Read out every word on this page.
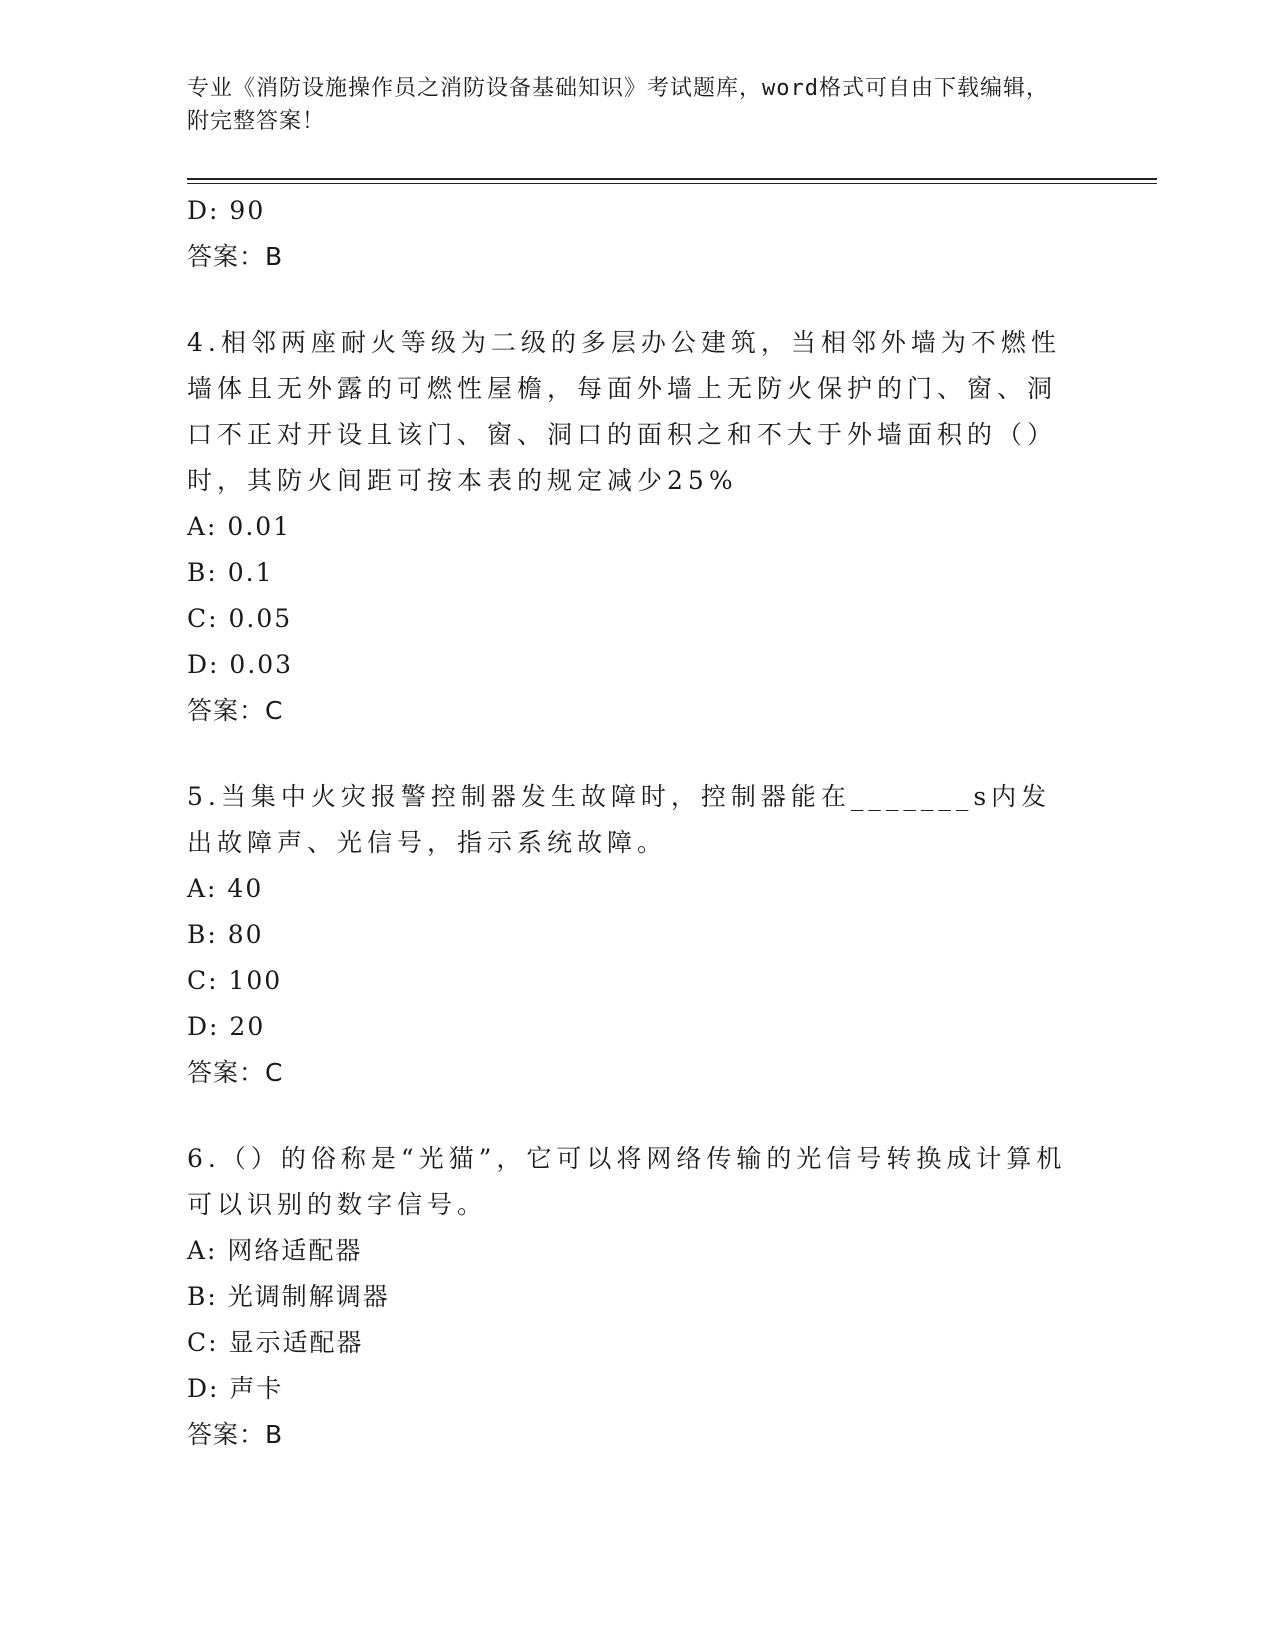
专业《消防设施操作员之消防设备基础知识》考试题库，word格式可自由下载编辑，附完整答案！
D: 90
答案：B
4.相邻两座耐火等级为二级的多层办公建筑，当相邻外墙为不燃性墙体且无外露的可燃性屋檐，每面外墙上无防火保护的门、窗、洞口不正对开设且该门、窗、洞口的面积之和不大于外墙面积的（）时，其防火间距可按本表的规定减少25%
A: 0.01
B: 0.1
C: 0.05
D: 0.03
答案：C
5.当集中火灾报警控制器发生故障时，控制器能在_______s内发出故障声、光信号，指示系统故障。
A: 40
B: 80
C: 100
D: 20
答案：C
6.（）的俗称是“光猫”，它可以将网络传输的光信号转换成计算机可以识别的数字信号。
A: 网络适配器
B: 光调制解调器
C: 显示适配器
D: 声卡
答案：B
